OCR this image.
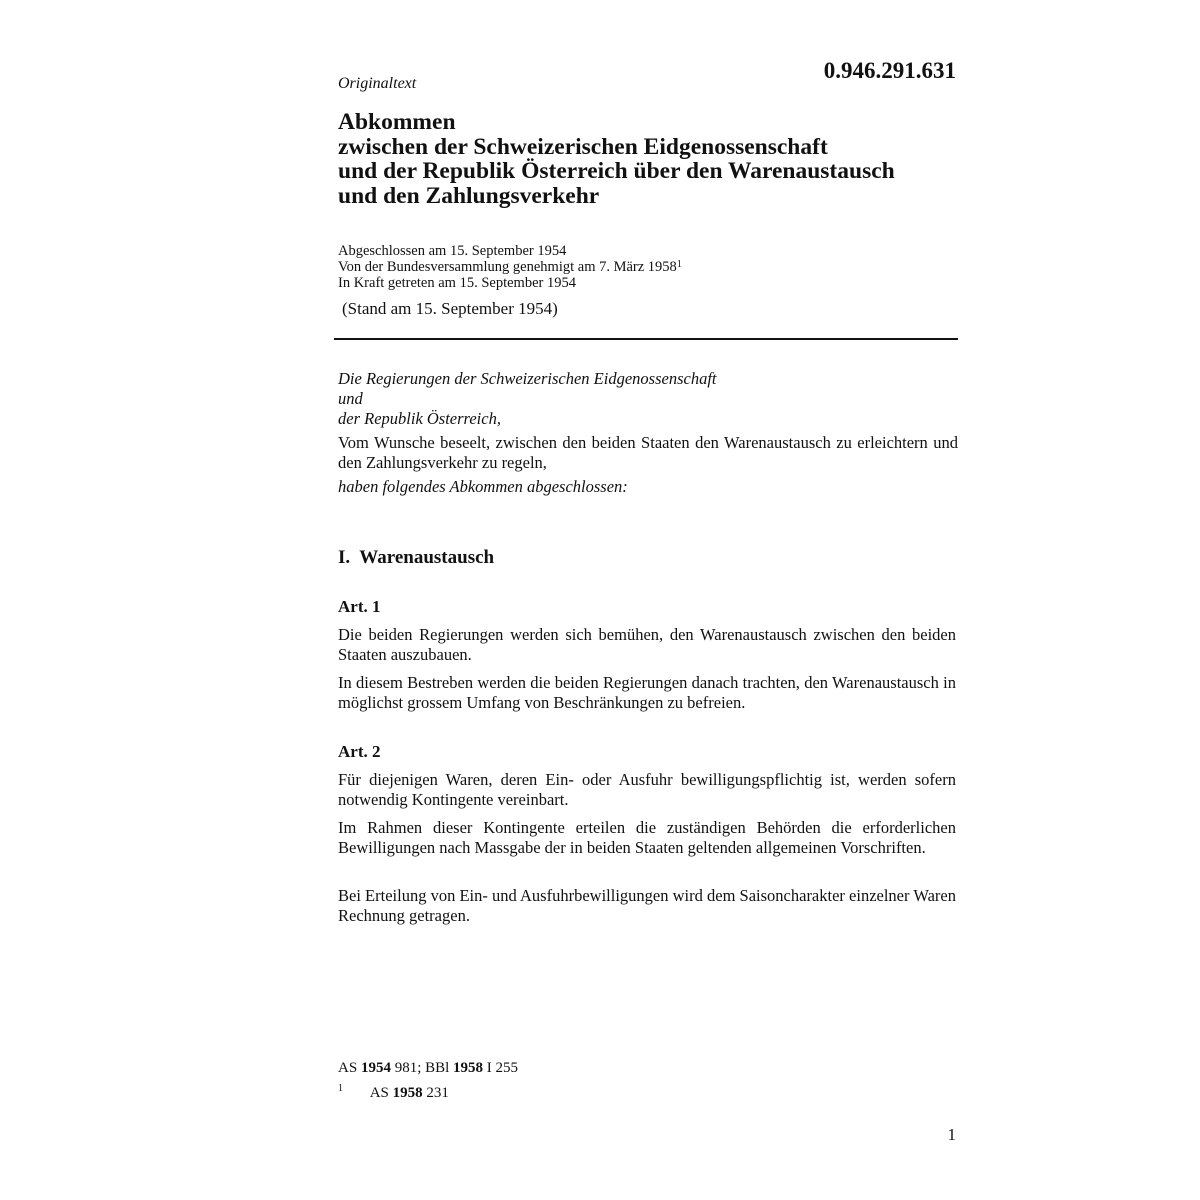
Originaltext
0.946.291.631
Abkommen
zwischen der Schweizerischen Eidgenossenschaft
und der Republik Österreich über den Warenaustausch
und den Zahlungsverkehr
Abgeschlossen am 15. September 1954
Von der Bundesversammlung genehmigt am 7. März 1958$^1$
In Kraft getreten am 15. September 1954
(Stand am 15. September 1954)
Die Regierungen der Schweizerischen Eidgenossenschaft
und
der Republik Österreich,

Vom Wunsche beseelt, zwischen den beiden Staaten den Warenaustausch zu erleichtern und den Zahlungsverkehr zu regeln,

haben folgendes Abkommen abgeschlossen:
I.  Warenaustausch
Art. 1
Die beiden Regierungen werden sich bemühen, den Warenaustausch zwischen den beiden Staaten auszubauen.
In diesem Bestreben werden die beiden Regierungen danach trachten, den Warenaustausch in möglichst grossem Umfang von Beschränkungen zu befreien.
Art. 2
Für diejenigen Waren, deren Ein- oder Ausfuhr bewilligungspflichtig ist, werden sofern notwendig Kontingente vereinbart.
Im Rahmen dieser Kontingente erteilen die zuständigen Behörden die erforderlichen Bewilligungen nach Massgabe der in beiden Staaten geltenden allgemeinen Vorschriften.
Bei Erteilung von Ein- und Ausfuhrbewilligungen wird dem Saisoncharakter einzelner Waren Rechnung getragen.
AS 1954 981; BBl 1958 I 255
$^1$ AS 1958 231
1
